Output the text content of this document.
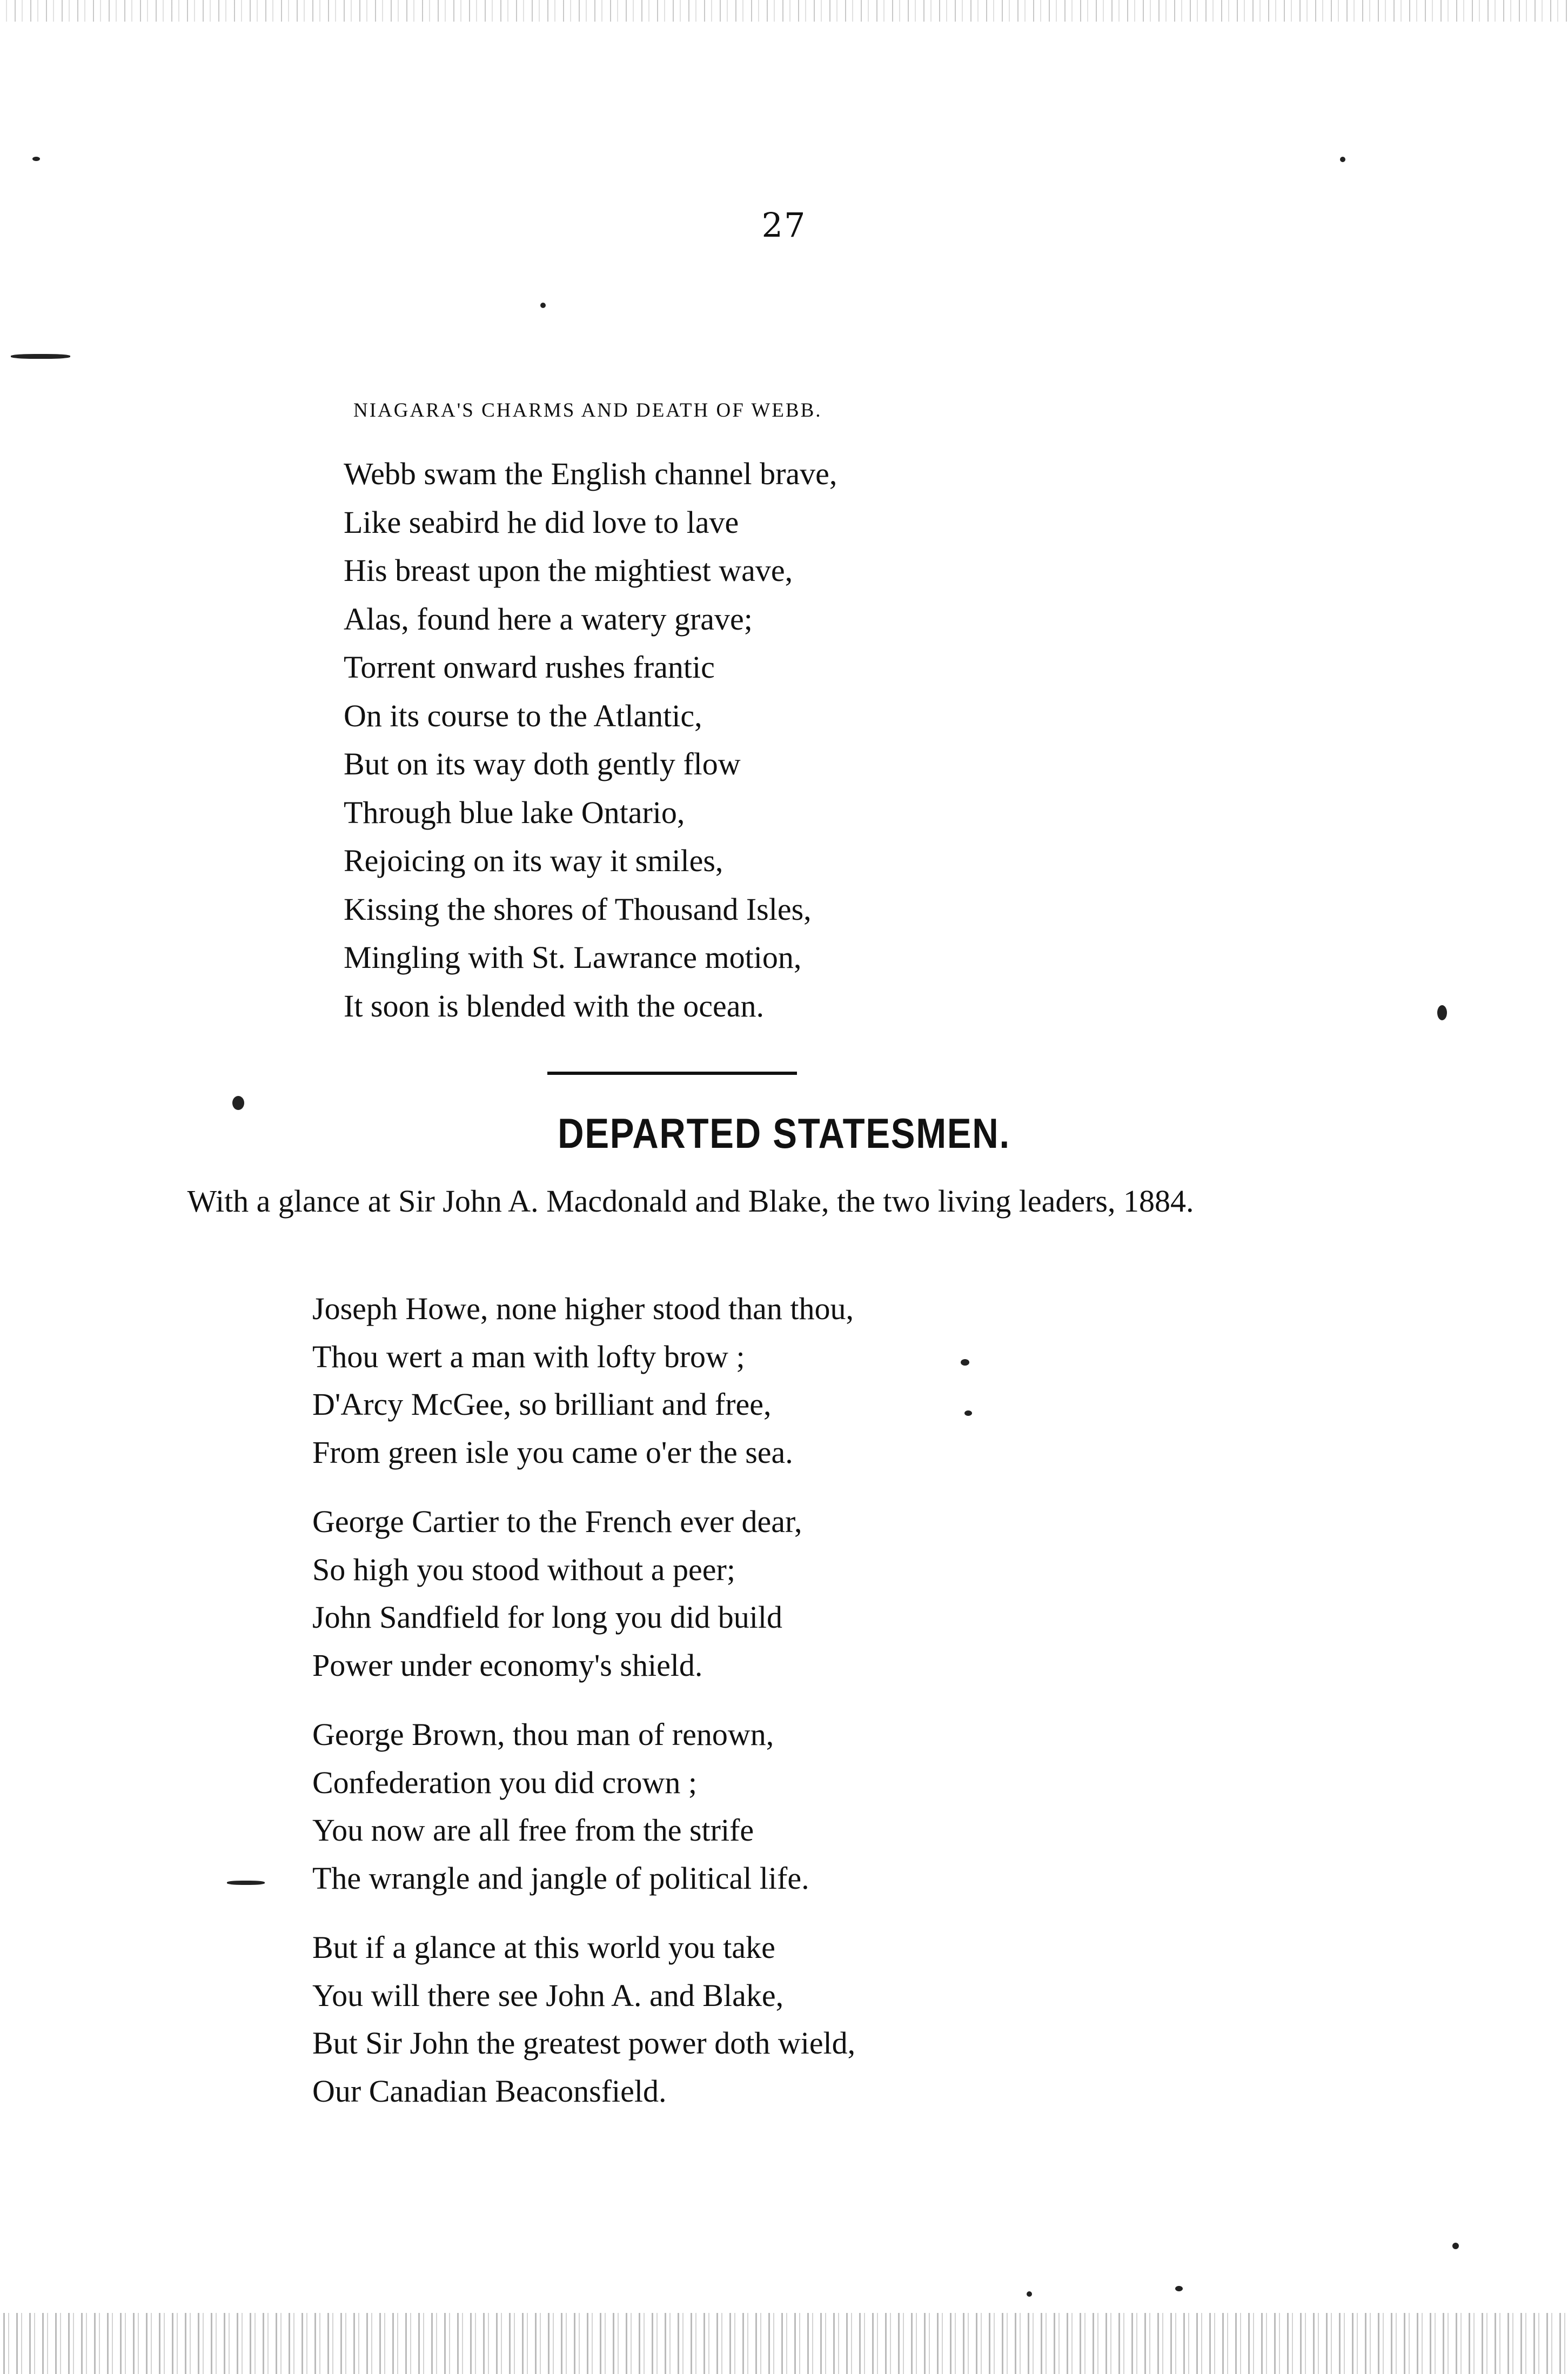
27
NIAGARA'S CHARMS AND DEATH OF WEBB.
Webb swam the English channel brave,
Like seabird he did love to lave
His breast upon the mightiest wave,
Alas, found here a watery grave;
Torrent onward rushes frantic
On its course to the Atlantic,
But on its way doth gently flow
Through blue lake Ontario,
Rejoicing on its way it smiles,
Kissing the shores of Thousand Isles,
Mingling with St. Lawrance motion,
It soon is blended with the ocean.
DEPARTED STATESMEN.
With a glance at Sir John A. Macdonald and Blake, the two living leaders, 1884.
Joseph Howe, none higher stood than thou,
Thou wert a man with lofty brow ;
D'Arcy McGee, so brilliant and free,
From green isle you came o'er the sea.
George Cartier to the French ever dear,
So high you stood without a peer;
John Sandfield for long you did build
Power under economy's shield.
George Brown, thou man of renown,
Confederation you did crown ;
You now are all free from the strife
The wrangle and jangle of political life.
But if a glance at this world you take
You will there see John A. and Blake,
But Sir John the greatest power doth wield,
Our Canadian Beaconsfield.
